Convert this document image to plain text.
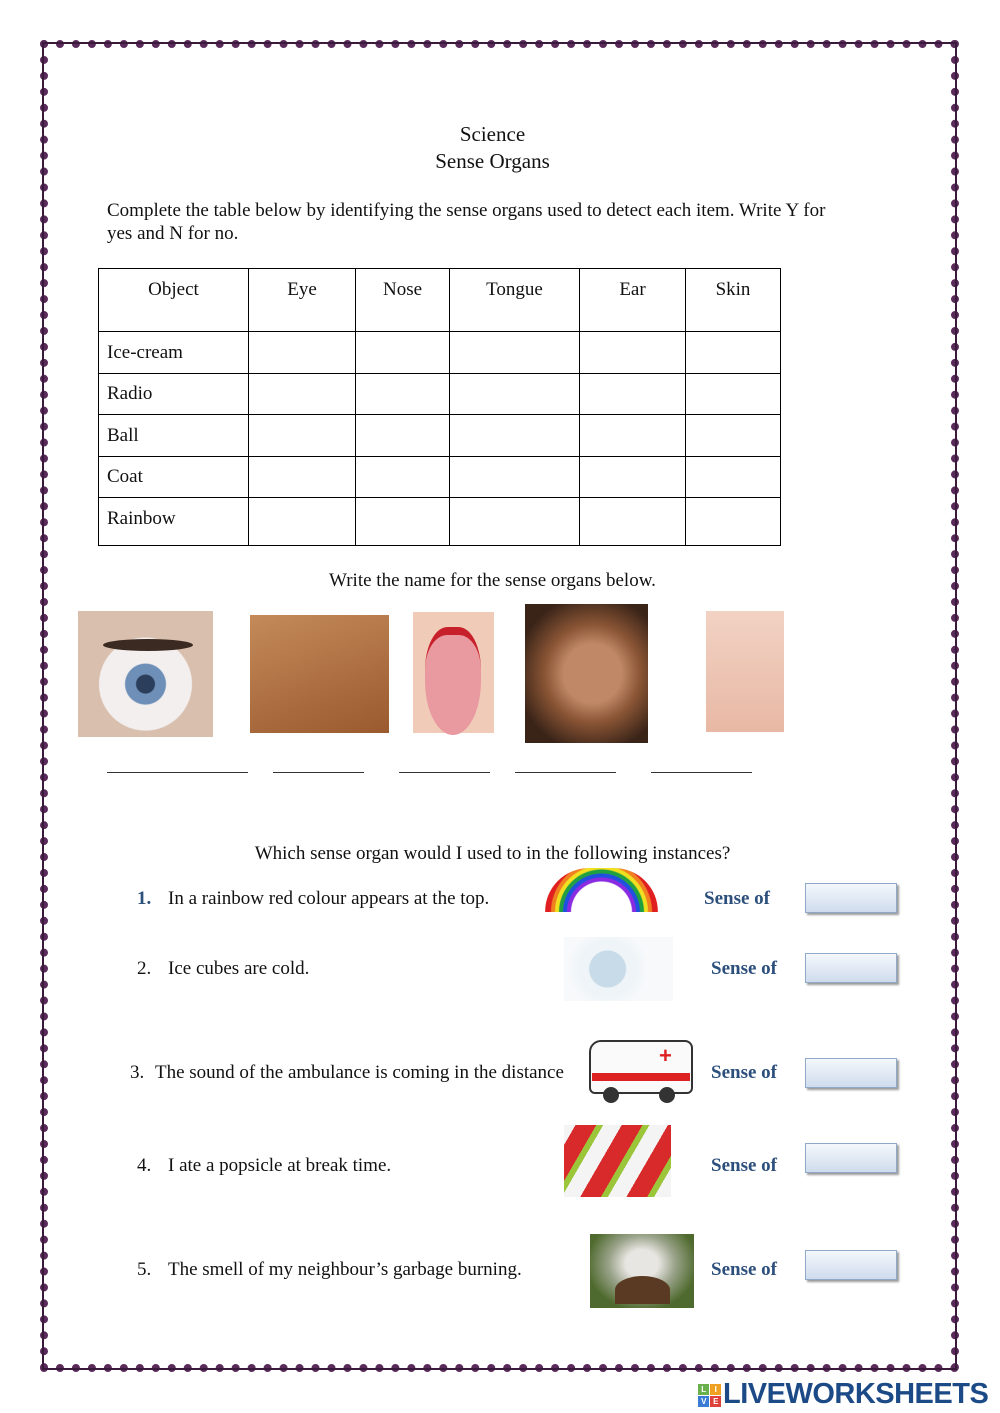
Science
Sense Organs
Complete the table below by identifying the sense organs used to detect each item. Write Y for
yes and N for no.
Object	Eye	Nose	Tongue	Ear	Skin
Ice-cream					
Radio					
Ball					
Coat					
Rainbow					
Write the name for the sense organs below.
Which sense organ would I used to in the following instances?
1. In a rainbow red colour appears at the top.	Sense of
2. Ice cubes are cold.	Sense of
3. The sound of the ambulance is coming in the distance
+
Sense of
4. I ate a popsicle at break time.	Sense of
5. The smell of my neighbour’s garbage burning.	Sense of
L	I
V E LIVEWORKSHEETS
